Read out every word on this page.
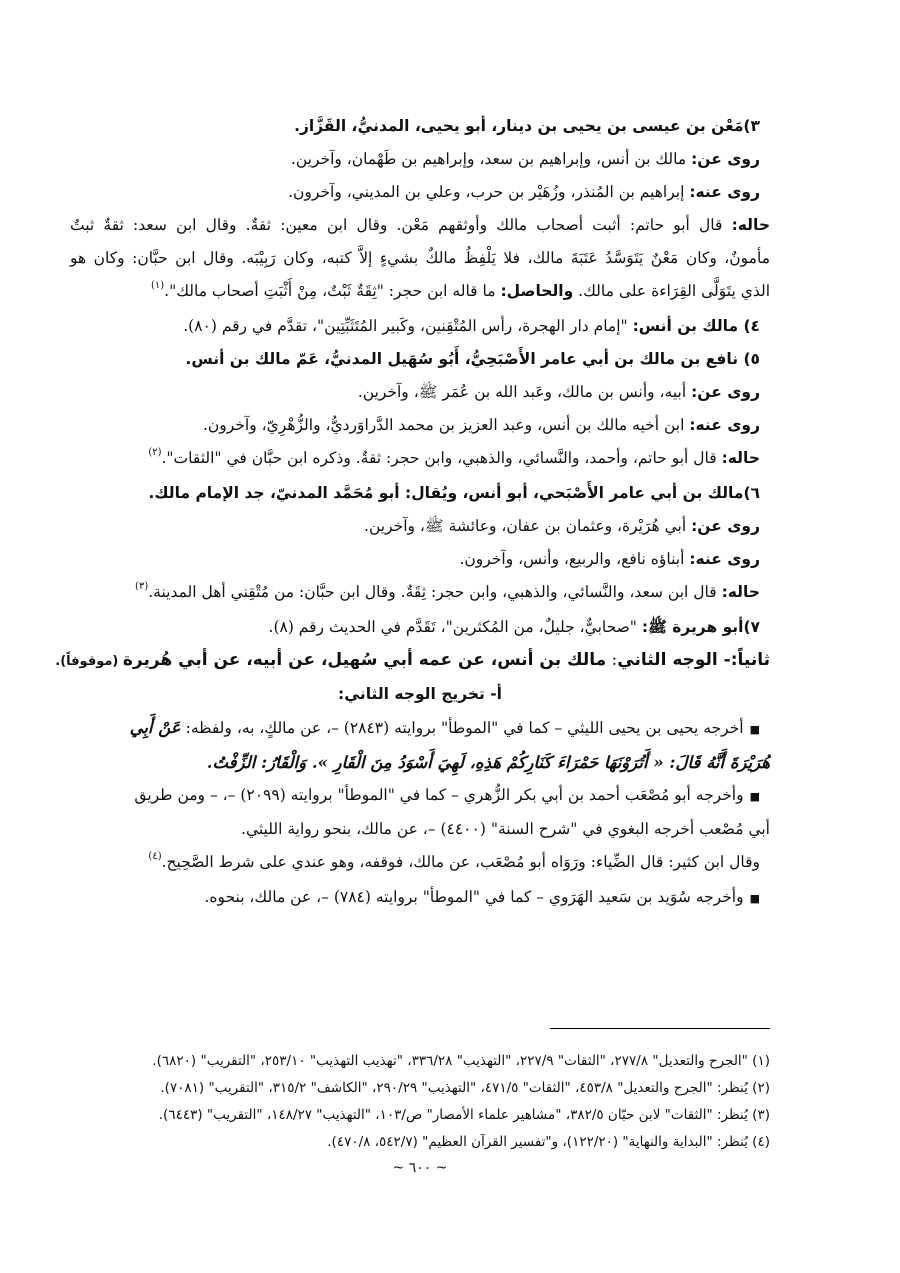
٣)مَعْن بن عيسى بن يحيى بن دينار، أبو يحيى، المدنيُّ، القَزَّاز.
روى عن: مالك بن أنس، وإبراهيم بن سعد، وإبراهيم بن طَهْمان، وآخرين.
روى عنه: إبراهيم بن المُنذر، وزُهَيْر بن حرب، وعلي بن المديني، وآخرون.
حاله: قال أبو حاتم: أثبت أصحاب مالك وأوثقهم مَعْن. وقال ابن معين: ثقةٌ. وقال ابن سعد: ثقةٌ ثبتٌ
مأمونٌ، وكان مَعْنٌ يَتَوَسَّدُ عَتَبَةَ مالك، فلا يَلْفِظُ مالكٌ بشيءٍ إلاَّ كتبه، وكان رَبِيْبَه. وقال ابن حبَّان: وكان هو
الذي يتَوَلَّى القِرَاءة على مالك. والحاصل: ما قاله ابن حجر: "ثِقَةٌ ثَبْتٌ، مِنْ أَثْبَتِ أصحاب مالك".$^{(١)}$
٤) مالك بن أنس: "إمام دار الهجرة، رأس المُتْقِنين، وكَبير المُتَثَبِّتِين"، تقدَّم في رقم (٨٠).
٥) نافع بن مالك بن أبي عامر الأَصْبَحِيُّ، أَبُو سُهَيل المدنيُّ، عَمّ مالك بن أنس.
روى عن: أبيه، وأنس بن مالك، وعَبد الله بن عُمَر ﷺ، وآخرين.
روى عنه: ابن أخيه مالك بن أنس، وعبد العزيز بن محمد الدَّراوَرديُّ، والزُّهْرِيّ، وآخرون.
حاله: قال أبو حاتم، وأحمد، والنَّسائي، والذهبي، وابن حجر: ثقةٌ. وذكره ابن حبَّان في "الثقات".$^{(٢)}$
٦)مالك بن أبي عامر الأَصْبَحي، أبو أنس، ويُقال: أبو مُحَمَّد المدنيّ، جد الإمام مالك.
روى عن: أبي هُرَيْرة، وعثمان بن عفان، وعائشة ﷺ، وآخرين.
روى عنه: أبناؤه نافع، والربيع، وأنس، وآخرون.
حاله: قال ابن سعد، والنَّسائي، والذهبي، وابن حجر: ثِقَةٌ. وقال ابن حبَّان: من مُتْقِني أهل المدينة.$^{(٣)}$
٧)أبو هريرة ﷺ: "صحابيٌّ، جليلٌ، من المُكثرين"، تَقَدَّم في الحديث رقم (٨).
ثانياً:- الوجه الثاني: مالك بن أنس، عن عمه أبي سُهيل، عن أبيه، عن أبي هُريرة (موقوفاً).
أ- تخريج الوجه الثاني:
■أخرجه يحيى بن يحيى الليثي – كما في "الموطأ" بروايته (٢٨٤٣) –، عن مالكٍ، به، ولفظه: عَنْ أَبِي
هُرَيْرَةَ أَنَّهُ قَالَ: « أَتُرَوْنَهَا حَمْرَاءَ كَنَارِكُمْ هَذِهِ، لَهِيَ أَسْوَدُ مِنَ الْقَارِ ». وَالْقَارُ: الزِّفْتُ.
■وأخرجه أبو مُصْعَب أحمد بن أبي بكر الزُّهري – كما في "الموطأ" بروايته (٢٠٩٩) –، – ومن طريق
أبي مُصْعب أخرجه البغوي في "شرح السنة" (٤٤٠٠) –، عن مالك، بنحو رواية الليثي.
وقال ابن كثير: قال الضِّياء: ورَوَاه أبو مُصْعَب، عن مالك، فوقفه، وهو عندي على شرط الصَّحِيح.$^{(٤)}$
■وأخرجه سُوَيد بن سَعيد الهَرَوي – كما في "الموطأ" بروايته (٧٨٤) –، عن مالك، بنحوه.
(١) "الجرح والتعديل" ٢٧٧/٨، "الثقات" ٢٢٧/٩، "التهذيب" ٣٣٦/٢٨، "تهذيب التهذيب" ٢٥٣/١٠، "التقريب" (٦٨٢٠).
(٢) يُنظر: "الجرح والتعديل" ٤٥٣/٨، "الثقات" ٤٧١/٥، "التهذيب" ٢٩٠/٢٩، "الكاشف" ٣١٥/٢، "التقريب" (٧٠٨١).
(٣) يُنظر: "الثقات" لابن حبّان ٣٨٢/٥، "مشاهير علماء الأمصار" ص/١٠٣، "التهذيب" ١٤٨/٢٧، "التقريب" (٦٤٤٣).
(٤) يُنظر: "البداية والنهاية" (١٢٢/٢٠)، و"تفسير القرآن العظيم" (٥٤٢/٧، ٤٧٠/٨).
~ ٦٠٠ ~
